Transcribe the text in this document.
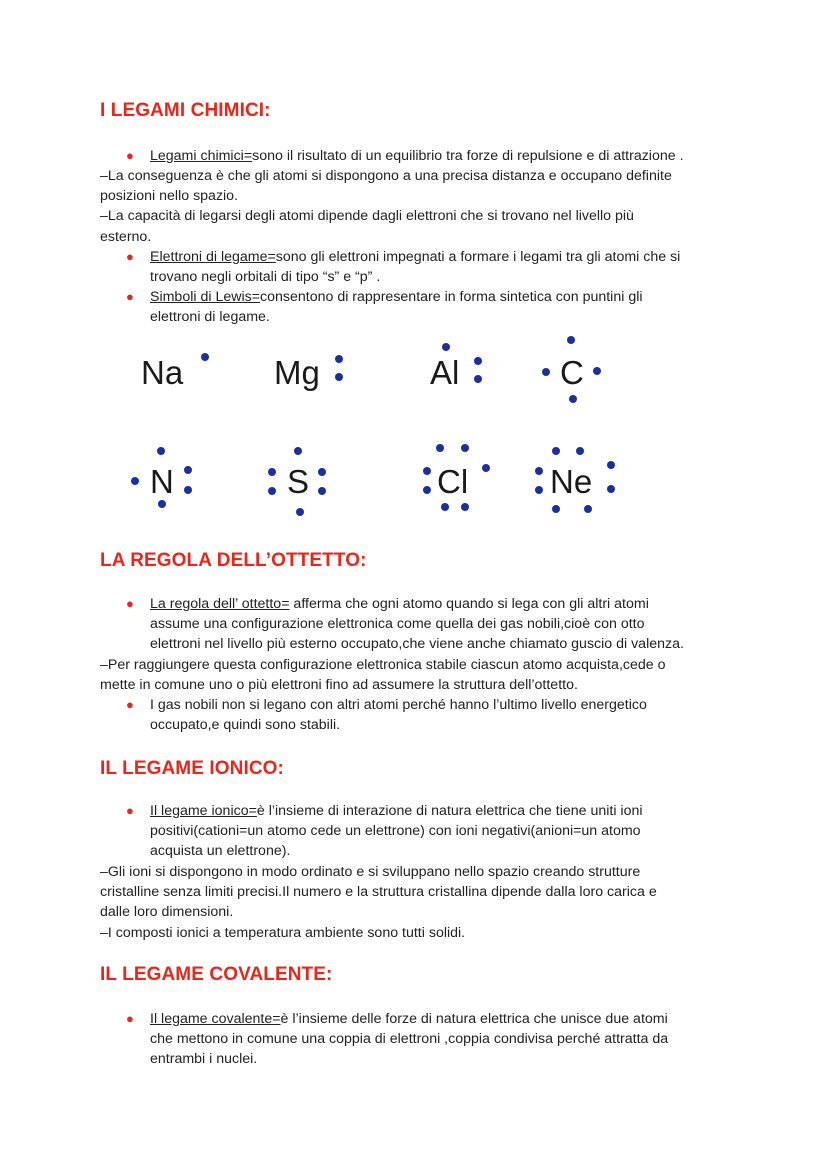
I LEGAMI CHIMICI:
● Legami chimici=sono il risultato di un equilibrio tra forze di repulsione e di attrazione .
–La conseguenza è che gli atomi si dispongono a una precisa distanza e occupano definite
posizioni nello spazio.
–La capacità di legarsi degli atomi dipende dagli elettroni che si trovano nel livello più
esterno.
● Elettroni di legame=sono gli elettroni impegnati a formare i legami tra gli atomi che si
trovano negli orbitali di tipo “s” e “p” .
● Simboli di Lewis=consentono di rappresentare in forma sintetica con puntini gli
elettroni di legame.
Na	Mg	Al	C
N	S	Cl Ne
LA REGOLA DELL’OTTETTO:
● La regola dell’ ottetto= afferma che ogni atomo quando si lega con gli altri atomi
assume una configurazione elettronica come quella dei gas nobili,cioè con otto
elettroni nel livello più esterno occupato,che viene anche chiamato guscio di valenza.
–Per raggiungere questa configurazione elettronica stabile ciascun atomo acquista,cede o
mette in comune uno o più elettroni fino ad assumere la struttura dell’ottetto.
● I gas nobili non si legano con altri atomi perché hanno l’ultimo livello energetico
occupato,e quindi sono stabili.
IL LEGAME IONICO:
● Il legame ionico=è l’insieme di interazione di natura elettrica che tiene uniti ioni
positivi(cationi=un atomo cede un elettrone) con ioni negativi(anioni=un atomo
acquista un elettrone).
–Gli ioni si dispongono in modo ordinato e si sviluppano nello spazio creando strutture
cristalline senza limiti precisi.Il numero e la struttura cristallina dipende dalla loro carica e
dalle loro dimensioni.
–I composti ionici a temperatura ambiente sono tutti solidi.
IL LEGAME COVALENTE:
● Il legame covalente=è l’insieme delle forze di natura elettrica che unisce due atomi
che mettono in comune una coppia di elettroni ,coppia condivisa perché attratta da
entrambi i nuclei.
